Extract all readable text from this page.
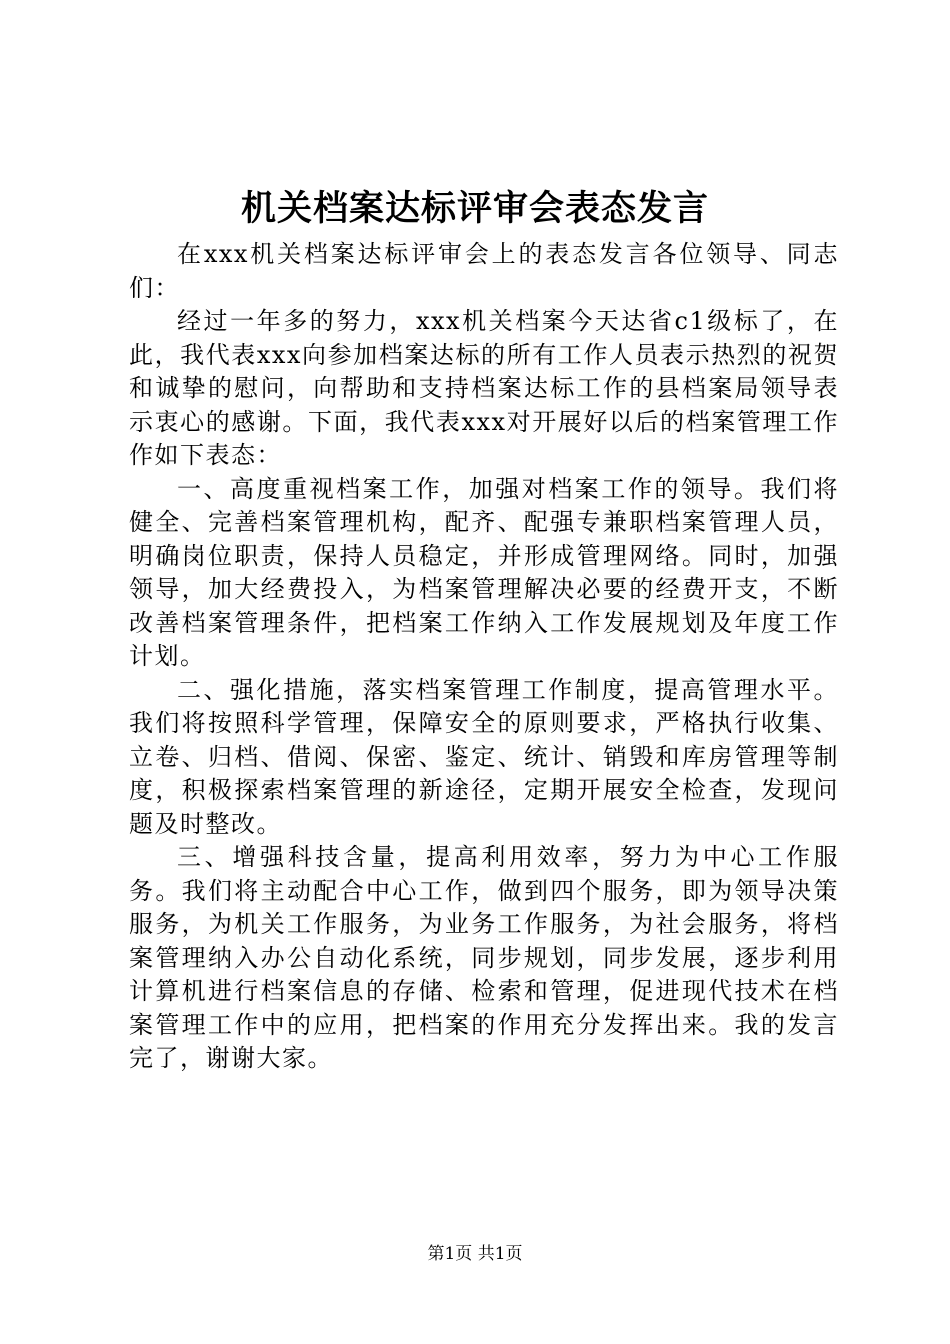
机关档案达标评审会表态发言

在xxx机关档案达标评审会上的表态发言各位领导、同志们：

经过一年多的努力，xxx机关档案今天达省c1级标了，在此，我代表xxx向参加档案达标的所有工作人员表示热烈的祝贺和诚挚的慰问，向帮助和支持档案达标工作的县档案局领导表示衷心的感谢。下面，我代表xxx对开展好以后的档案管理工作作如下表态：

一、高度重视档案工作，加强对档案工作的领导。我们将健全、完善档案管理机构，配齐、配强专兼职档案管理人员，明确岗位职责，保持人员稳定，并形成管理网络。同时，加强领导，加大经费投入，为档案管理解决必要的经费开支，不断改善档案管理条件，把档案工作纳入工作发展规划及年度工作计划。

二、强化措施，落实档案管理工作制度，提高管理水平。我们将按照科学管理，保障安全的原则要求，严格执行收集、立卷、归档、借阅、保密、鉴定、统计、销毁和库房管理等制度，积极探索档案管理的新途径，定期开展安全检查，发现问题及时整改。

三、增强科技含量，提高利用效率，努力为中心工作服务。我们将主动配合中心工作，做到四个服务，即为领导决策服务，为机关工作服务，为业务工作服务，为社会服务，将档案管理纳入办公自动化系统，同步规划，同步发展，逐步利用计算机进行档案信息的存储、检索和管理，促进现代技术在档案管理工作中的应用，把档案的作用充分发挥出来。我的发言完了，谢谢大家。

第1页 共1页
